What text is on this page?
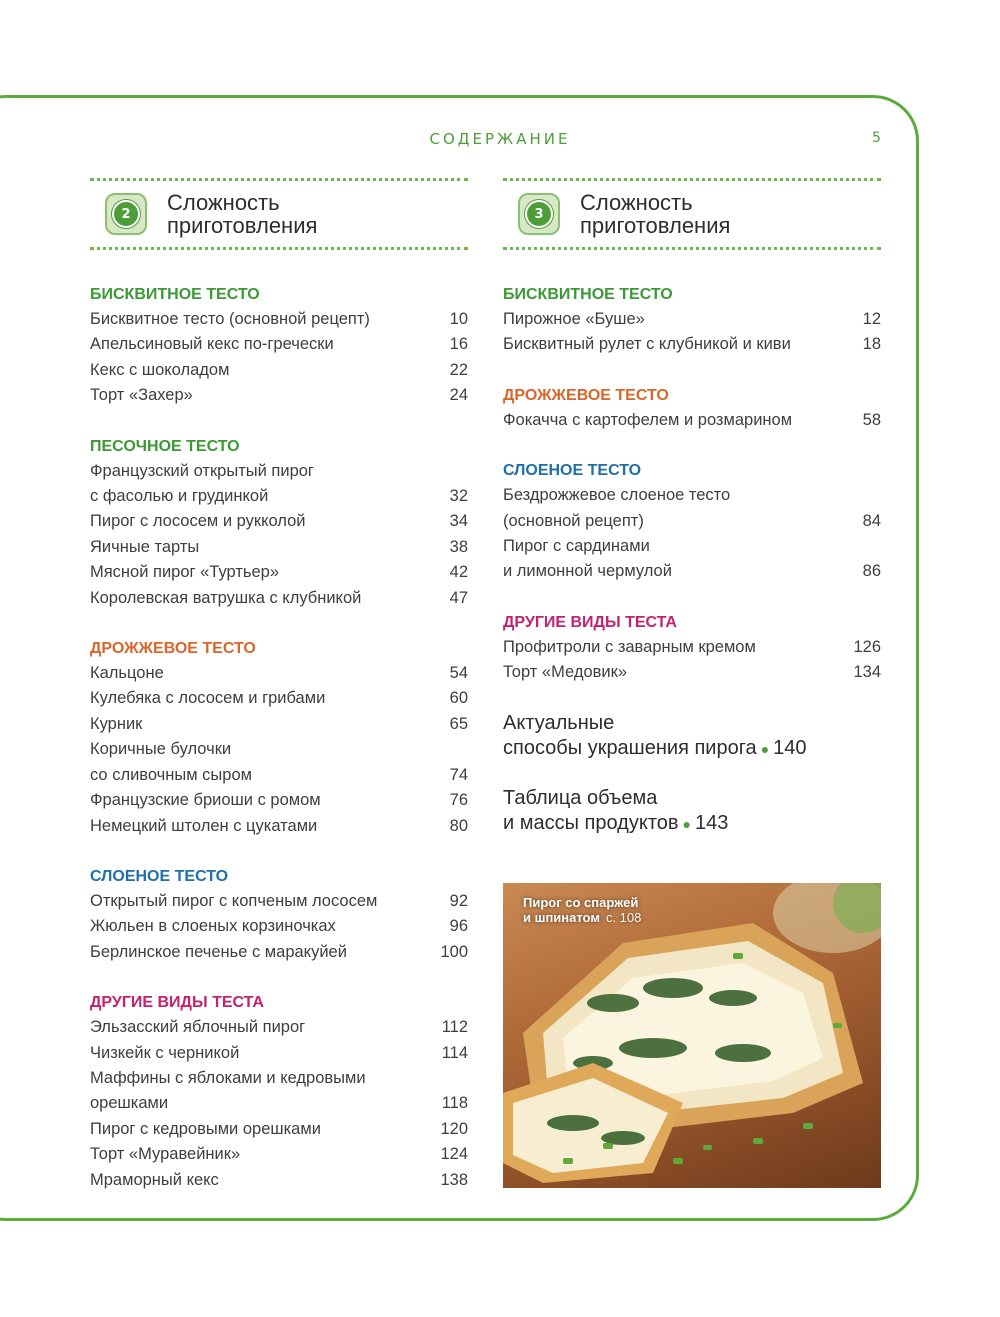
СОДЕРЖАНИЕ	5
2	Сложность
приготовления
БИСКВИТНОЕ ТЕСТО
Бисквитное тесто (основной рецепт)	10
Апельсиновый кекс по-гречески	16
Кекс с шоколадом	22
Торт «Захер»	24
ПЕСОЧНОЕ ТЕСТО
Французский открытый пирог
с фасолью и грудинкой	32
Пирог с лососем и рукколой	34
Яичные тарты	38
Мясной пирог «Туртьер»	42
Королевская ватрушка с клубникой	47
ДРОЖЖЕВОЕ ТЕСТО
Кальцоне	54
Кулебяка с лососем и грибами	60
Курник	65
Коричные булочки
со сливочным сыром	74
Французские бриоши с ромом	76
Немецкий штолен с цукатами	80
СЛОЕНОЕ ТЕСТО
Открытый пирог с копченым лососем	92
Жюльен в слоеных корзиночках	96
Берлинское печенье с маракуйей	100
ДРУГИЕ ВИДЫ ТЕСТА
Эльзасский яблочный пирог	112
Чизкейк с черникой	114
Маффины с яблоками и кедровыми
орешками	118
Пирог с кедровыми орешками	120
Торт «Муравейник»	124
Мраморный кекс	138
3	Сложность
приготовления
БИСКВИТНОЕ ТЕСТО
Пирожное «Буше»	12
Бисквитный рулет с клубникой и киви	18
ДРОЖЖЕВОЕ ТЕСТО
Фокачча с картофелем и розмарином	58
СЛОЕНОЕ ТЕСТО
Бездрожжевое слоеное тесто
(основной рецепт)	84
Пирог с сардинами
и лимонной чермулой	86
ДРУГИЕ ВИДЫ ТЕСТА
Профитроли с заварным кремом	126
Торт «Медовик»	134
Актуальные
способы украшения пирога ● 140
Таблица объема
и массы продуктов ● 143
Пирог со спаржей
и шпинатом с. 108
